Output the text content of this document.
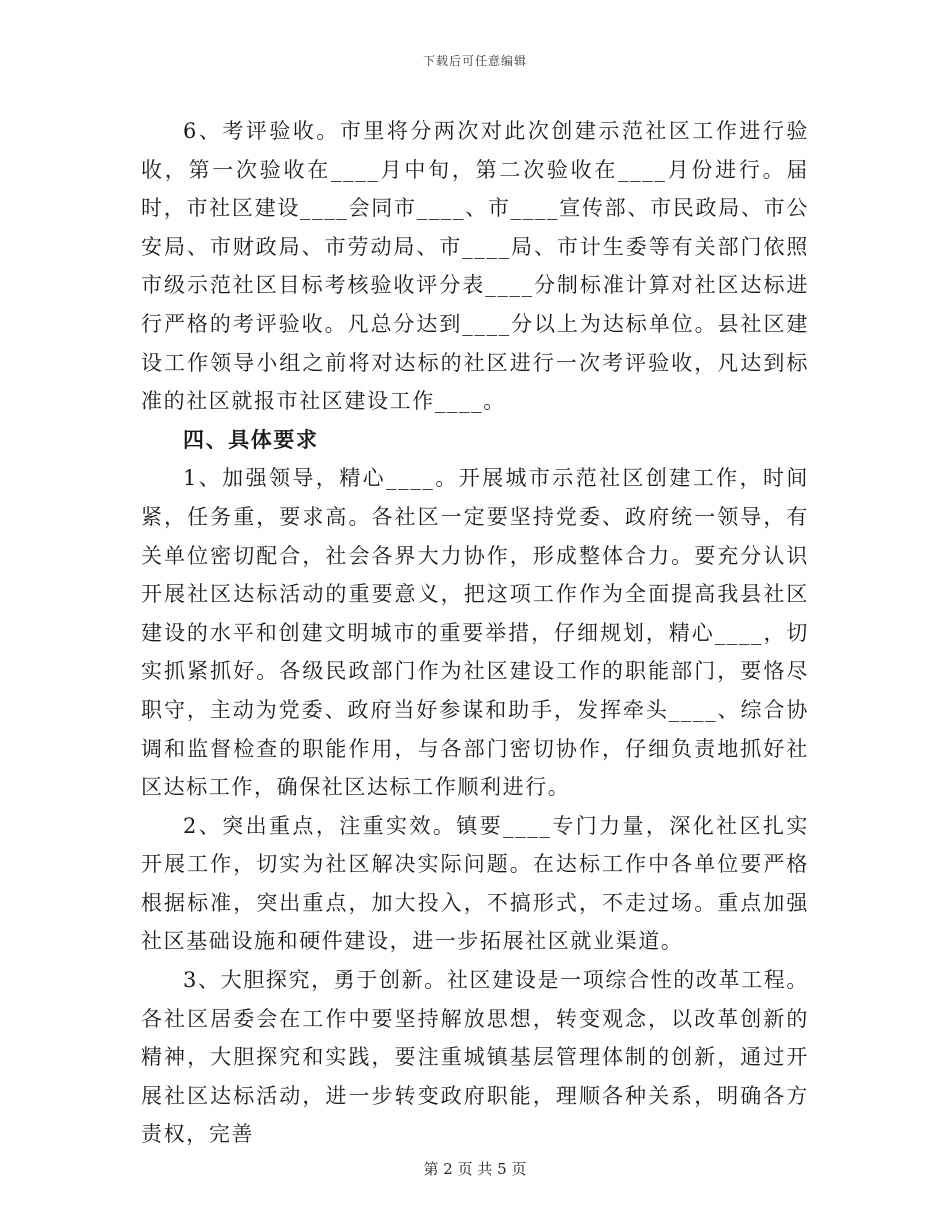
下载后可任意编辑

6、考评验收。市里将分两次对此次创建示范社区工作进行验收，第一次验收在____月中旬，第二次验收在____月份进行。届时，市社区建设____会同市____、市____宣传部、市民政局、市公安局、市财政局、市劳动局、市____局、市计生委等有关部门依照市级示范社区目标考核验收评分表____分制标准计算对社区达标进行严格的考评验收。凡总分达到____分以上为达标单位。县社区建设工作领导小组之前将对达标的社区进行一次考评验收，凡达到标准的社区就报市社区建设工作____。

四、具体要求

1、加强领导，精心____。开展城市示范社区创建工作，时间紧，任务重，要求高。各社区一定要坚持党委、政府统一领导，有关单位密切配合，社会各界大力协作，形成整体合力。要充分认识开展社区达标活动的重要意义，把这项工作作为全面提高我县社区建设的水平和创建文明城市的重要举措，仔细规划，精心____，切实抓紧抓好。各级民政部门作为社区建设工作的职能部门，要恪尽职守，主动为党委、政府当好参谋和助手，发挥牵头____、综合协调和监督检查的职能作用，与各部门密切协作，仔细负责地抓好社区达标工作，确保社区达标工作顺利进行。

2、突出重点，注重实效。镇要____专门力量，深化社区扎实开展工作，切实为社区解决实际问题。在达标工作中各单位要严格根据标准，突出重点，加大投入，不搞形式，不走过场。重点加强社区基础设施和硬件建设，进一步拓展社区就业渠道。

3、大胆探究，勇于创新。社区建设是一项综合性的改革工程。各社区居委会在工作中要坚持解放思想，转变观念，以改革创新的精神，大胆探究和实践，要注重城镇基层管理体制的创新，通过开展社区达标活动，进一步转变政府职能，理顺各种关系，明确各方责权，完善

第 2 页 共 5 页
